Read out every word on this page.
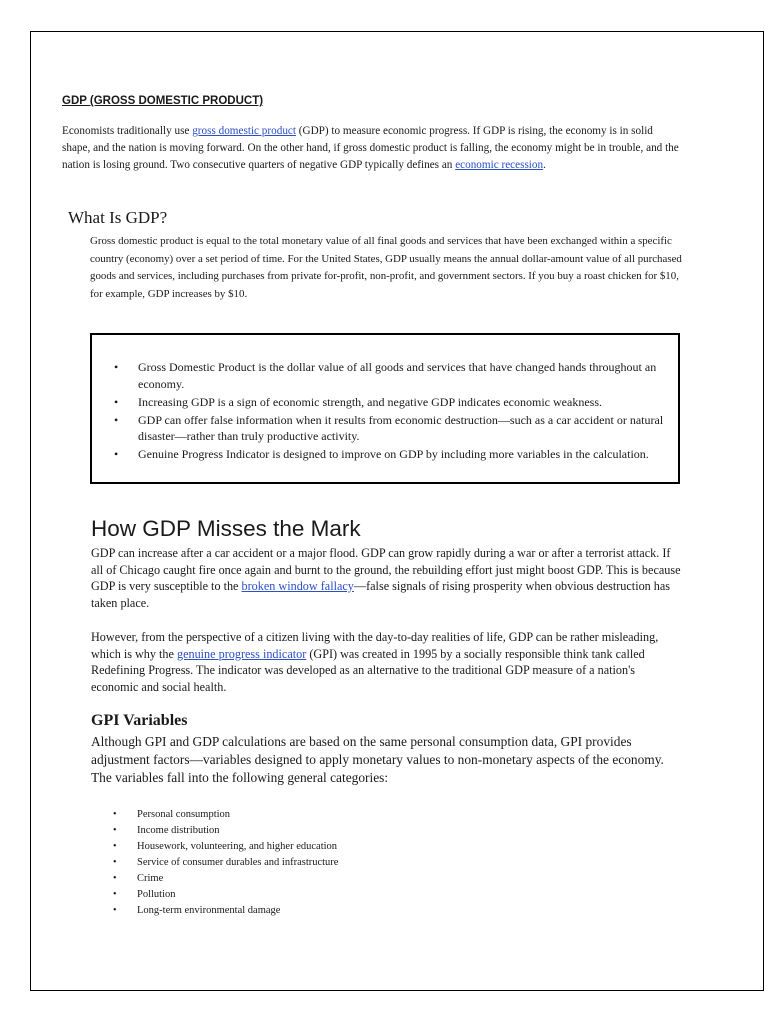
GDP (GROSS DOMESTIC PRODUCT)

Economists traditionally use gross domestic product (GDP) to measure economic progress. If GDP is rising, the economy is in solid shape, and the nation is moving forward. On the other hand, if gross domestic product is falling, the economy might be in trouble, and the nation is losing ground. Two consecutive quarters of negative GDP typically defines an economic recession.

What Is GDP?

Gross domestic product is equal to the total monetary value of all final goods and services that have been exchanged within a specific country (economy) over a set period of time. For the United States, GDP usually means the annual dollar-amount value of all purchased goods and services, including purchases from private for-profit, non-profit, and government sectors. If you buy a roast chicken for $10, for example, GDP increases by $10.

• Gross Domestic Product is the dollar value of all goods and services that have changed hands throughout an economy.
• Increasing GDP is a sign of economic strength, and negative GDP indicates economic weakness.
• GDP can offer false information when it results from economic destruction—such as a car accident or natural disaster—rather than truly productive activity.
• Genuine Progress Indicator is designed to improve on GDP by including more variables in the calculation.
How GDP Misses the Mark

GDP can increase after a car accident or a major flood. GDP can grow rapidly during a war or after a terrorist attack. If all of Chicago caught fire once again and burnt to the ground, the rebuilding effort just might boost GDP. This is because GDP is very susceptible to the broken window fallacy—false signals of rising prosperity when obvious destruction has taken place.

However, from the perspective of a citizen living with the day-to-day realities of life, GDP can be rather misleading, which is why the genuine progress indicator (GPI) was created in 1995 by a socially responsible think tank called Redefining Progress. The indicator was developed as an alternative to the traditional GDP measure of a nation's economic and social health.

GPI Variables

Although GPI and GDP calculations are based on the same personal consumption data, GPI provides adjustment factors—variables designed to apply monetary values to non-monetary aspects of the economy. The variables fall into the following general categories:

• Personal consumption
• Income distribution
• Housework, volunteering, and higher education
• Service of consumer durables and infrastructure
• Crime
• Pollution
• Long-term environmental damage
